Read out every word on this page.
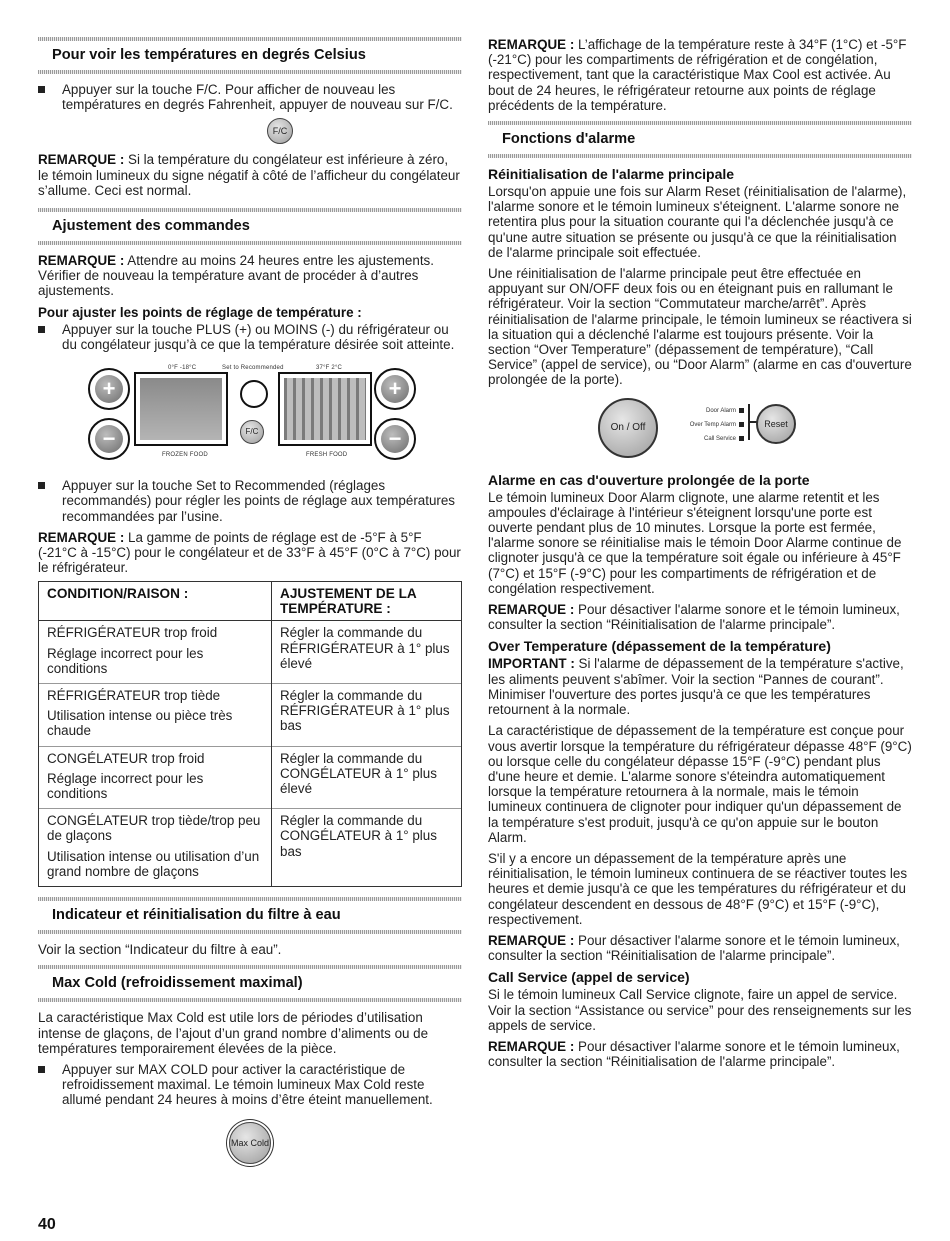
Pour voir les températures en degrés Celsius
Appuyer sur la touche F/C. Pour afficher de nouveau les températures en degrés Fahrenheit, appuyer de nouveau sur F/C.
F/C

REMARQUE : Si la température du congélateur est inférieure à zéro, le témoin lumineux du signe négatif à côté de l’afficheur du congélateur s’allume. Ceci est normal.

Ajustement des commandes

REMARQUE : Attendre au moins 24 heures entre les ajustements. Vérifier de nouveau la température avant de procéder à d’autres ajustements.

Pour ajuster les points de réglage de température :

Appuyer sur la touche PLUS (+) ou MOINS (-) du réfrigérateur ou du congélateur jusqu’à ce que la température désirée soit atteinte.
0°F -18°C	Set to Recommended	37°F 2°C
+
−	F/C
+
−
FROZEN FOOD	FRESH FOOD
Appuyer sur la touche Set to Recommended (réglages recommandés) pour régler les points de réglage aux températures recommandées par l’usine.

REMARQUE : La gamme de points de réglage est de -5°F à 5°F (-21°C à -15°C) pour le congélateur et de 33°F à 45°F (0°C à 7°C) pour le réfrigérateur.

CONDITION/RAISON :	AJUSTEMENT DE LA TEMPÉRATURE :

RÉFRIGÉRATEUR trop froid

Réglage incorrect pour les conditions	Régler la commande du RÉFRIGÉRATEUR à 1° plus élevé

RÉFRIGÉRATEUR trop tiède

Utilisation intense ou pièce très chaude	Régler la commande du RÉFRIGÉRATEUR à 1° plus bas

CONGÉLATEUR trop froid

Réglage incorrect pour les conditions	Régler la commande du CONGÉLATEUR à 1° plus élevé

CONGÉLATEUR trop tiède/trop peu de glaçons

Utilisation intense ou utilisation d’un grand nombre de glaçons	Régler la commande du CONGÉLATEUR à 1° plus bas

Indicateur et réinitialisation du filtre à eau

Voir la section “Indicateur du filtre à eau”.

Max Cold (refroidissement maximal)

La caractéristique Max Cold est utile lors de périodes d’utilisation intense de glaçons, de l’ajout d’un grand nombre d’aliments ou de températures temporairement élevées de la pièce.

Appuyer sur MAX COLD pour activer la caractéristique de refroidissement maximal. Le témoin lumineux Max Cold reste allumé pendant 24 heures à moins d’être éteint manuellement.
Max Cold

REMARQUE : L’affichage de la température reste à 34°F (1°C) et -5°F (-21°C) pour les compartiments de réfrigération et de congélation, respectivement, tant que la caractéristique Max Cool est activée. Au bout de 24 heures, le réfrigérateur retourne aux points de réglage précédents de la température.

Fonctions d'alarme
Réinitialisation de l'alarme principale

Lorsqu'on appuie une fois sur Alarm Reset (réinitialisation de l'alarme), l'alarme sonore et le témoin lumineux s'éteignent. L'alarme sonore ne retentira plus pour la situation courante qui l'a déclenchée jusqu'à ce qu'une autre situation se présente ou jusqu'à ce que la réinitialisation de l'alarme principale soit effectuée.

Une réinitialisation de l'alarme principale peut être effectuée en appuyant sur ON/OFF deux fois ou en éteignant puis en rallumant le réfrigérateur. Voir la section “Commutateur marche/arrêt”. Après réinitialisation de l'alarme principale, le témoin lumineux se réactivera si la situation qui a déclenché l'alarme est toujours présente. Voir la section “Over Temperature” (dépassement de température), “Call Service” (appel de service), ou “Door Alarm” (alarme en cas d'ouverture prolongée de la porte).

On / Off
Door Alarm
Over Temp Alarm
Call Service
Reset
Alarme en cas d'ouverture prolongée de la porte

Le témoin lumineux Door Alarm clignote, une alarme retentit et les ampoules d'éclairage à l'intérieur s'éteignent lorsqu'une porte est ouverte pendant plus de 10 minutes. Lorsque la porte est fermée, l'alarme sonore se réinitialise mais le témoin Door Alarme continue de clignoter jusqu'à ce que la température soit égale ou inférieure à 45°F (7°C) et 15°F (-9°C) pour les compartiments de réfrigération et de congélation respectivement.

REMARQUE : Pour désactiver l'alarme sonore et le témoin lumineux, consulter la section “Réinitialisation de l'alarme principale”.

Over Temperature (dépassement de la température)

IMPORTANT : Si l'alarme de dépassement de la température s'active, les aliments peuvent s'abîmer. Voir la section “Pannes de courant”. Minimiser l'ouverture des portes jusqu'à ce que les températures retournent à la normale.

La caractéristique de dépassement de la température est conçue pour vous avertir lorsque la température du réfrigérateur dépasse 48°F (9°C) ou lorsque celle du congélateur dépasse 15°F (-9°C) pendant plus d'une heure et demie. L'alarme sonore s'éteindra automatiquement lorsque la température retournera à la normale, mais le témoin lumineux continuera de clignoter pour indiquer qu'un dépassement de la température s'est produit, jusqu'à ce qu'on appuie sur le bouton Alarm.

S'il y a encore un dépassement de la température après une réinitialisation, le témoin lumineux continuera de se réactiver toutes les heures et demie jusqu'à ce que les températures du réfrigérateur et du congélateur descendent en dessous de 48°F (9°C) et 15°F (-9°C), respectivement.

REMARQUE : Pour désactiver l'alarme sonore et le témoin lumineux, consulter la section “Réinitialisation de l'alarme principale”.

Call Service (appel de service)

Si le témoin lumineux Call Service clignote, faire un appel de service. Voir la section “Assistance ou service” pour des renseignements sur les appels de service.

REMARQUE : Pour désactiver l'alarme sonore et le témoin lumineux, consulter la section “Réinitialisation de l'alarme principale”.

40
